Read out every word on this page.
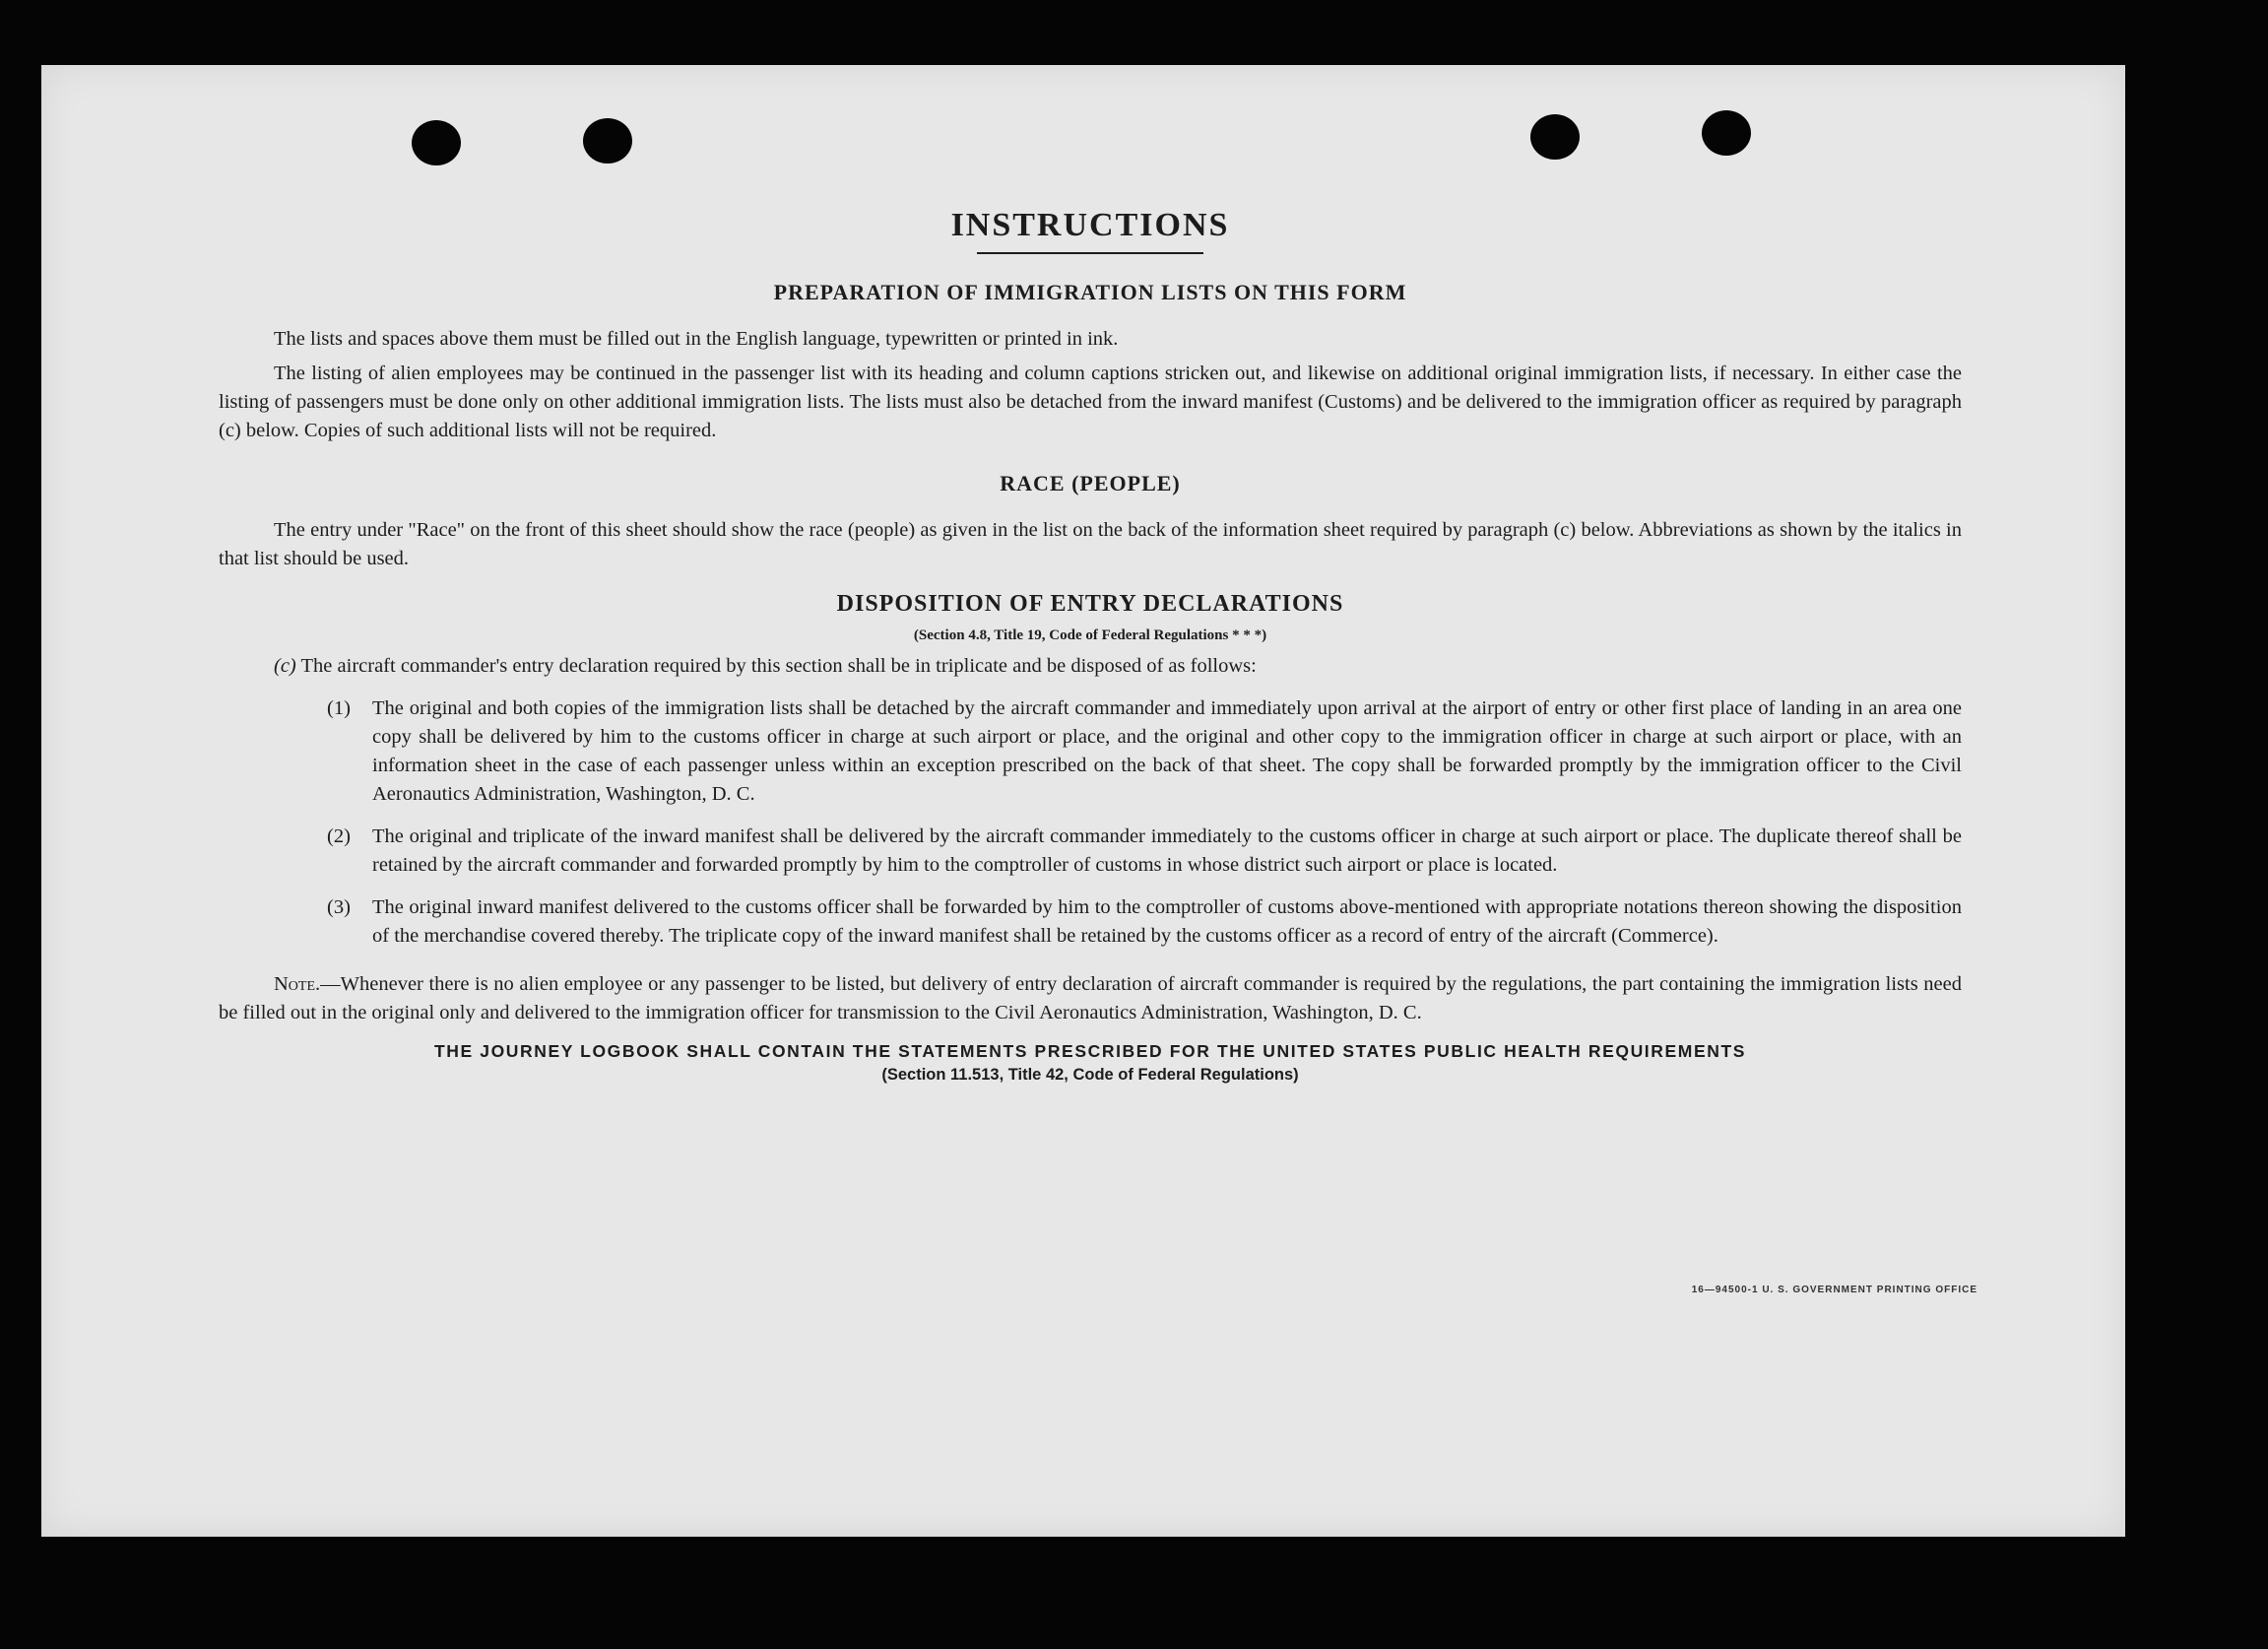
INSTRUCTIONS
PREPARATION OF IMMIGRATION LISTS ON THIS FORM

The lists and spaces above them must be filled out in the English language, typewritten or printed in ink.

The listing of alien employees may be continued in the passenger list with its heading and column captions stricken out, and likewise on additional original immigration lists, if necessary. In either case the listing of passengers must be done only on other additional immigration lists. The lists must also be detached from the inward manifest (Customs) and be delivered to the immigration officer as required by paragraph (c) below. Copies of such additional lists will not be required.

RACE (PEOPLE)

The entry under "Race" on the front of this sheet should show the race (people) as given in the list on the back of the information sheet required by paragraph (c) below. Abbreviations as shown by the italics in that list should be used.

DISPOSITION OF ENTRY DECLARATIONS
(Section 4.8, Title 19, Code of Federal Regulations * * *)

(c) The aircraft commander's entry declaration required by this section shall be in triplicate and be disposed of as follows:

(1) The original and both copies of the immigration lists shall be detached by the aircraft commander and immediately upon arrival at the airport of entry or other first place of landing in an area one copy shall be delivered by him to the customs officer in charge at such airport or place, and the original and other copy to the immigration officer in charge at such airport or place, with an information sheet in the case of each passenger unless within an exception prescribed on the back of that sheet. The copy shall be forwarded promptly by the immigration officer to the Civil Aeronautics Administration, Washington, D. C.

(2) The original and triplicate of the inward manifest shall be delivered by the aircraft commander immediately to the customs officer in charge at such airport or place. The duplicate thereof shall be retained by the aircraft commander and forwarded promptly by him to the comptroller of customs in whose district such airport or place is located.

(3) The original inward manifest delivered to the customs officer shall be forwarded by him to the comptroller of customs above-mentioned with appropriate notations thereon showing the disposition of the merchandise covered thereby. The triplicate copy of the inward manifest shall be retained by the customs officer as a record of entry of the aircraft (Commerce).

Note.—Whenever there is no alien employee or any passenger to be listed, but delivery of entry declaration of aircraft commander is required by the regulations, the part containing the immigration lists need be filled out in the original only and delivered to the immigration officer for transmission to the Civil Aeronautics Administration, Washington, D. C.

THE JOURNEY LOGBOOK SHALL CONTAIN THE STATEMENTS PRESCRIBED FOR THE UNITED STATES PUBLIC HEALTH REQUIREMENTS
(Section 11.513, Title 42, Code of Federal Regulations)
16—94500-1 U. S. GOVERNMENT PRINTING OFFICE
